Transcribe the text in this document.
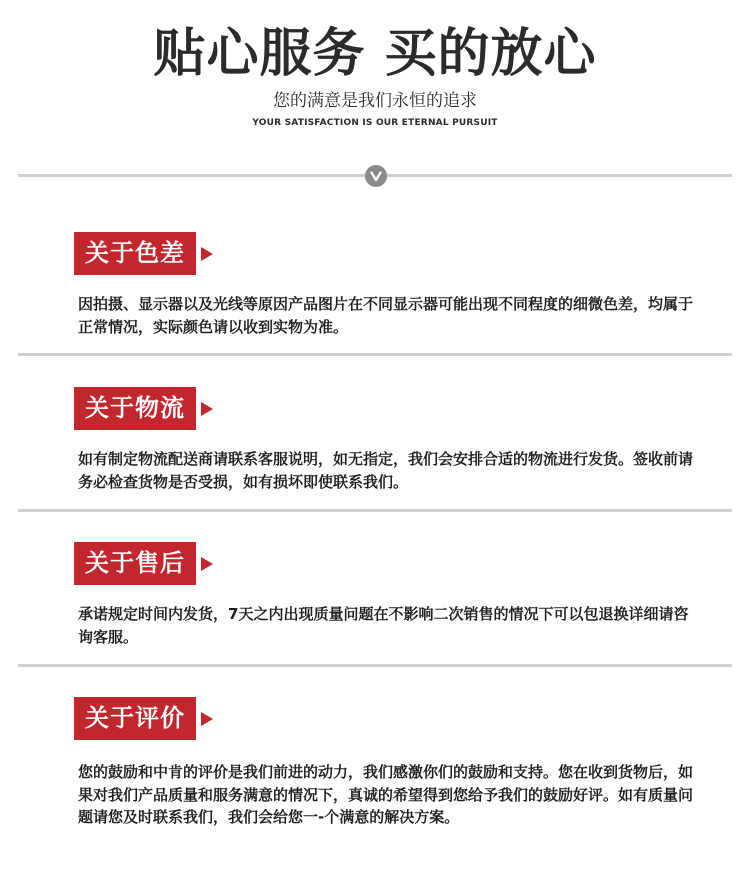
贴心服务 买的放心
您的满意是我们永恒的追求
YOUR SATISFACTION IS OUR ETERNAL PURSUIT
关于色差
因拍摄、显示器以及光线等原因产品图片在不同显示器可能出现不同程度的细微色差，均属于正常情况，实际颜色请以收到实物为准。
关于物流
如有制定物流配送商请联系客服说明，如无指定，我们会安排合适的物流进行发货。签收前请务必检查货物是否受损，如有损坏即使联系我们。
关于售后
承诺规定时间内发货，7天之内出现质量问题在不影响二次销售的情况下可以包退换详细请咨询客服。
关于评价
您的鼓励和中肯的评价是我们前进的动力，我们感激你们的鼓励和支持。您在收到货物后，如果对我们产品质量和服务满意的情况下，真诚的希望得到您给予我们的鼓励好评。如有质量问题请您及时联系我们，我们会给您一-个满意的解决方案。
